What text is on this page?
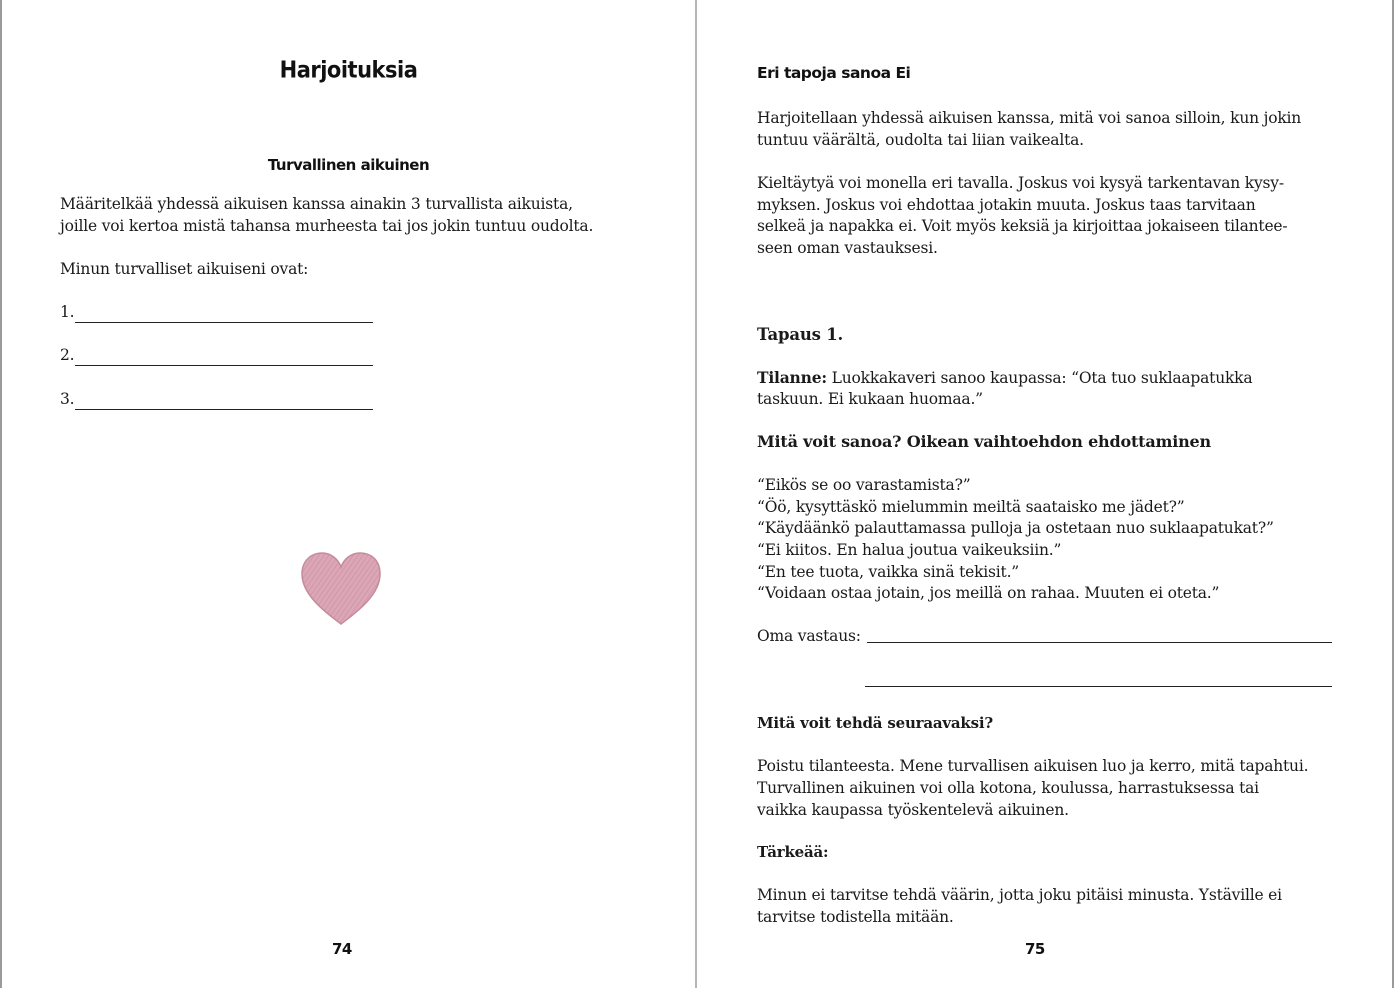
Harjoituksia
Turvallinen aikuinen

Määritelkää yhdessä aikuisen kanssa ainakin 3 turvallista aikuista,

joille voi kertoa mistä tahansa murheesta tai jos jokin tuntuu oudolta.

Minun turvalliset aikuiseni ovat:

1.
2.
3.
74
Eri tapoja sanoa Ei

Harjoitellaan yhdessä aikuisen kanssa, mitä voi sanoa silloin, kun jokin

tuntuu väärältä, oudolta tai liian vaikealta.

Kieltäytyä voi monella eri tavalla. Joskus voi kysyä tarkentavan kysy-

myksen. Joskus voi ehdottaa jotakin muuta. Joskus taas tarvitaan

selkeä ja napakka ei. Voit myös keksiä ja kirjoittaa jokaiseen tilantee-

seen oman vastauksesi.

Tapaus 1.

Tilanne: Luokkakaveri sanoo kaupassa: “Ota tuo suklaapatukka

taskuun. Ei kukaan huomaa.”

Mitä voit sanoa? Oikean vaihtoehdon ehdottaminen

“Eikös se oo varastamista?”

“Öö, kysyttäskö mielummin meiltä saataisko me jädet?”

“Käydäänkö palauttamassa pulloja ja ostetaan nuo suklaapatukat?”

“Ei kiitos. En halua joutua vaikeuksiin.”

“En tee tuota, vaikka sinä tekisit.”

“Voidaan ostaa jotain, jos meillä on rahaa. Muuten ei oteta.”

Oma vastaus:

Mitä voit tehdä seuraavaksi?

Poistu tilanteesta. Mene turvallisen aikuisen luo ja kerro, mitä tapahtui.

Turvallinen aikuinen voi olla kotona, koulussa, harrastuksessa tai

vaikka kaupassa työskentelevä aikuinen.

Tärkeää:

Minun ei tarvitse tehdä väärin, jotta joku pitäisi minusta. Ystäville ei

tarvitse todistella mitään.

75
